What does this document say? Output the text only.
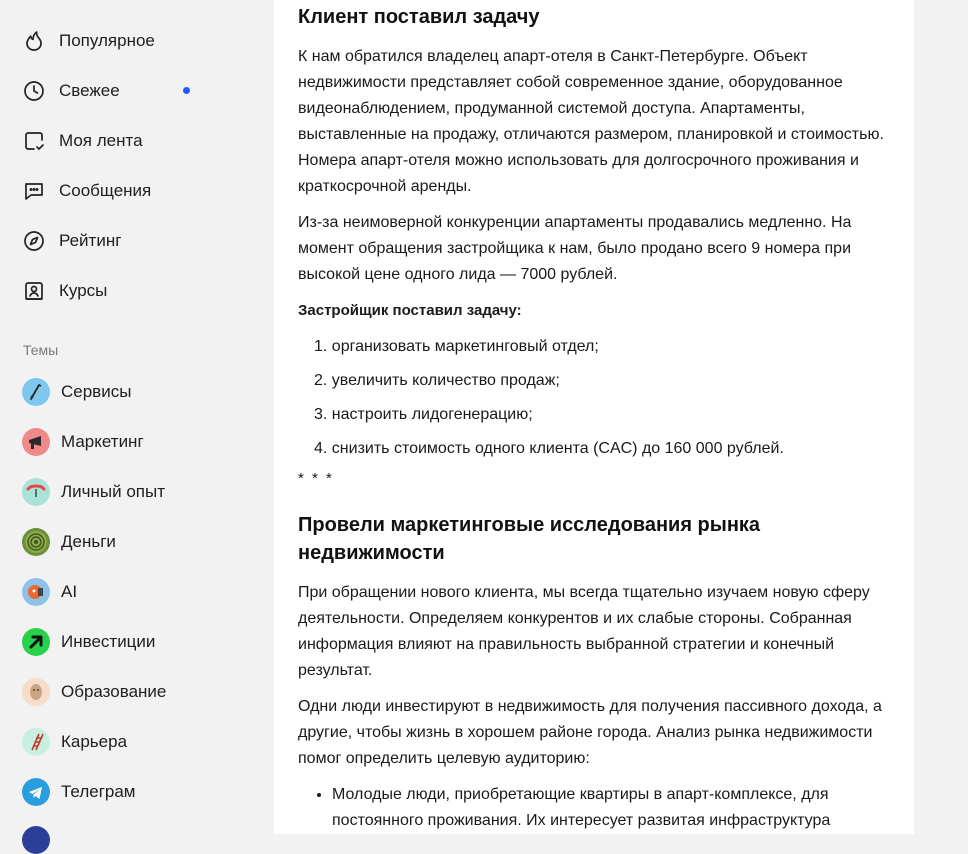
Популярное
Свежее
Моя лента
Сообщения
Рейтинг
Курсы
Темы
Сервисы
Маркетинг
Личный опыт
Деньги
AI
Инвестиции
Образование
Карьера
Телеграм
Клиент поставил задачу

К нам обратился владелец апарт-отеля в Санкт-Петербурге. Объект недвижимости представляет собой современное здание, оборудованное видеонаблюдением, продуманной системой доступа. Апартаменты, выставленные на продажу, отличаются размером, планировкой и стоимостью. Номера апарт-отеля можно использовать для долгосрочного проживания и краткосрочной аренды.

Из-за неимоверной конкуренции апартаменты продавались медленно. На момент обращения застройщика к нам, было продано всего 9 номера при высокой цене одного лида — 7000 рублей.

Застройщик поставил задачу:

1. организовать маркетинговый отдел;
2. увеличить количество продаж;
3. настроить лидогенерацию;
4. снизить стоимость одного клиента (CAC) до 160 000 рублей.
* * *
Провели маркетинговые исследования рынка недвижимости

При обращении нового клиента, мы всегда тщательно изучаем новую сферу деятельности. Определяем конкурентов и их слабые стороны. Собранная информация влияют на правильность выбранной стратегии и конечный результат.

Одни люди инвестируют в недвижимость для получения пассивного дохода, а другие, чтобы жизнь в хорошем районе города. Анализ рынка недвижимости помог определить целевую аудиторию:

• Молодые люди, приобретающие квартиры в апарт-комплексе, для постоянного проживания. Их интересует развитая инфраструктура
